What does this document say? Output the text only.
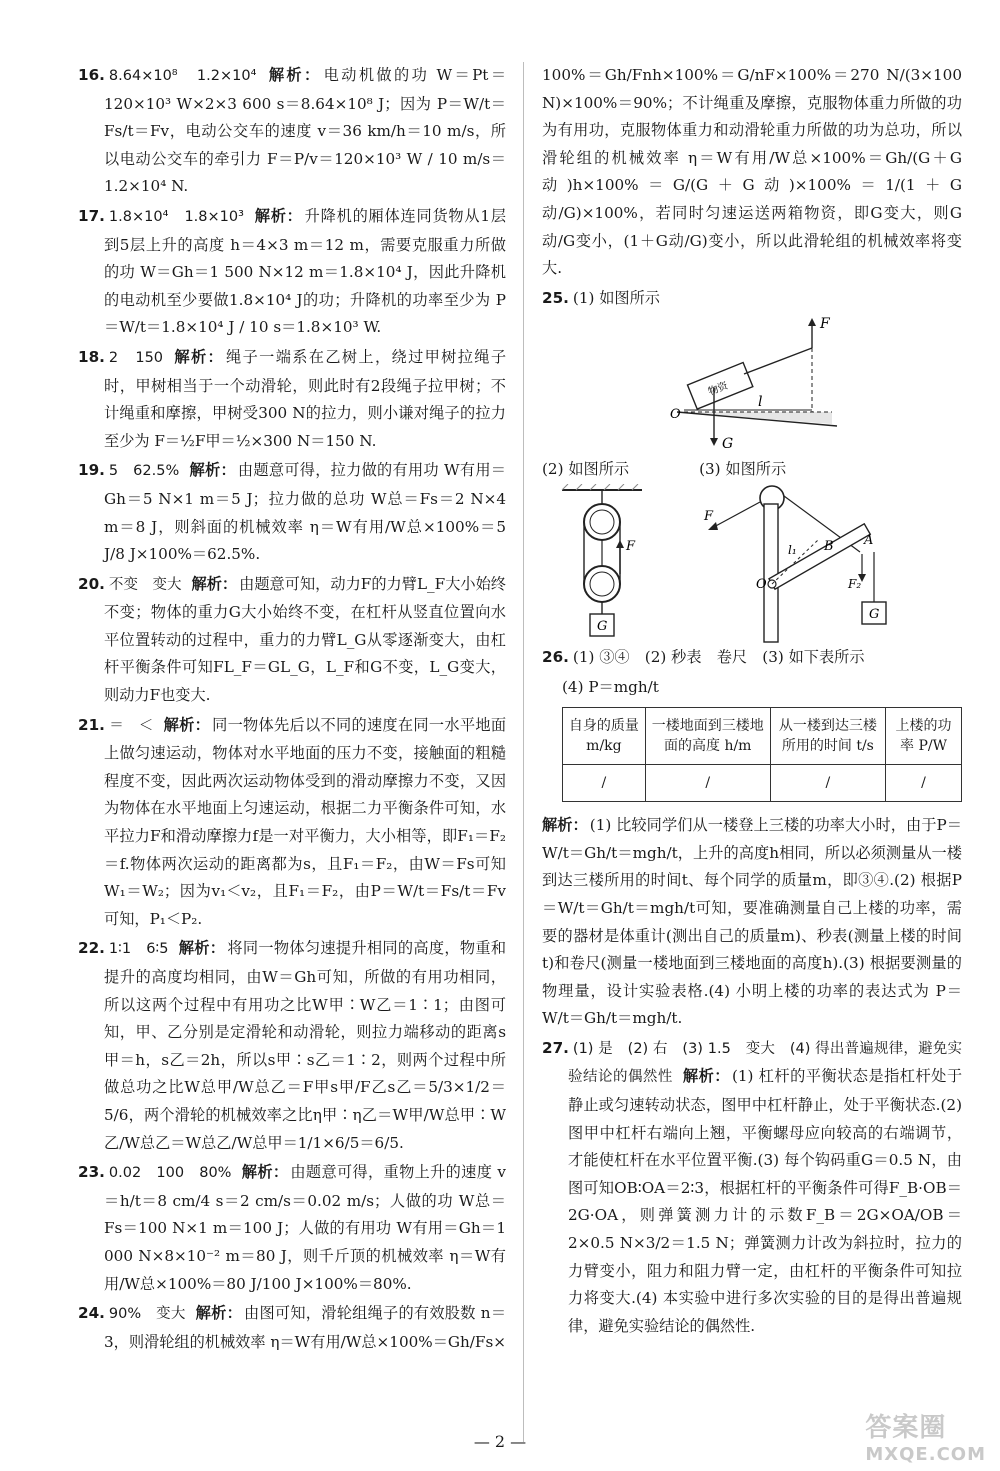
16. 8.64×10⁸　1.2×10⁴ 解析： 电动机做的功 W＝Pt＝120×10³ W×2×3 600 s＝8.64×10⁸ J；因为 P＝W/t＝Fs/t＝Fv，电动公交车的速度 v＝36 km/h＝10 m/s，所以电动公交车的牵引力 F＝P/v＝120×10³ W / 10 m/s＝1.2×10⁴ N.

17. 1.8×10⁴　1.8×10³ 解析： 升降机的厢体连同货物从1层到5层上升的高度 h＝4×3 m＝12 m，需要克服重力所做的功 W＝Gh＝1 500 N×12 m＝1.8×10⁴ J，因此升降机的电动机至少要做1.8×10⁴ J的功；升降机的功率至少为 P＝W/t＝1.8×10⁴ J / 10 s＝1.8×10³ W.

18. 2　150 解析： 绳子一端系在乙树上，绕过甲树拉绳子时，甲树相当于一个动滑轮，则此时有2段绳子拉甲树；不计绳重和摩擦，甲树受300 N的拉力，则小谦对绳子的拉力至少为 F＝½F甲＝½×300 N＝150 N.

19. 5　62.5% 解析： 由题意可得，拉力做的有用功 W有用＝Gh＝5 N×1 m＝5 J；拉力做的总功 W总＝Fs＝2 N×4 m＝8 J，则斜面的机械效率 η＝W有用/W总×100%＝5 J/8 J×100%＝62.5%.

20. 不变　变大 解析： 由题意可知，动力F的力臂L_F大小始终不变；物体的重力G大小始终不变，在杠杆从竖直位置向水平位置转动的过程中，重力的力臂L_G从零逐渐变大，由杠杆平衡条件可知FL_F＝GL_G，L_F和G不变，L_G变大，则动力F也变大.

21. ＝　＜ 解析： 同一物体先后以不同的速度在同一水平地面上做匀速运动，物体对水平地面的压力不变，接触面的粗糙程度不变，因此两次运动物体受到的滑动摩擦力不变，又因为物体在水平地面上匀速运动，根据二力平衡条件可知，水平拉力F和滑动摩擦力f是一对平衡力，大小相等，即F₁＝F₂＝f.物体两次运动的距离都为s，且F₁＝F₂，由W＝Fs可知W₁＝W₂；因为v₁＜v₂，且F₁＝F₂，由P＝W/t＝Fs/t＝Fv可知，P₁＜P₂.

22. 1∶1　6∶5 解析： 将同一物体匀速提升相同的高度，物重和提升的高度均相同，由W＝Gh可知，所做的有用功相同，所以这两个过程中有用功之比W甲∶W乙＝1∶1；由图可知，甲、乙分别是定滑轮和动滑轮，则拉力端移动的距离s甲＝h，s乙＝2h，所以s甲∶s乙＝1∶2，则两个过程中所做总功之比W总甲/W总乙＝F甲s甲/F乙s乙＝5/3×1/2＝5/6，两个滑轮的机械效率之比η甲∶η乙＝W甲/W总甲∶W乙/W总乙＝W总乙/W总甲＝1/1×6/5＝6/5.

23. 0.02　100　80% 解析： 由题意可得，重物上升的速度 v＝h/t＝8 cm/4 s＝2 cm/s＝0.02 m/s；人做的功 W总＝Fs＝100 N×1 m＝100 J；人做的有用功 W有用＝Gh＝1 000 N×8×10⁻² m＝80 J，则千斤顶的机械效率 η＝W有用/W总×100%＝80 J/100 J×100%＝80%.

24. 90%　变大 解析： 由图可知，滑轮组绳子的有效股数 n＝3，则滑轮组的机械效率 η＝W有用/W总×100%＝Gh/Fs×

100%＝Gh/Fnh×100%＝G/nF×100%＝270 N/(3×100 N)×100%＝90%；不计绳重及摩擦，克服物体重力所做的功为有用功，克服物体重力和动滑轮重力所做的功为总功，所以滑轮组的机械效率 η＝W有用/W总×100%＝Gh/(G＋G动)h×100%＝G/(G＋G动)×100%＝1/(1＋G动/G)×100%，若同时匀速运送两箱物资，即G变大，则G动/G变小，(1＋G动/G)变小，所以此滑轮组的机械效率将变大.

25. (1) 如图所示

物资
F
l
O
G
(2) 如图所示	(3) 如图所示
F
G
F
O
l₁ B A
F₂
G

26. (1) ③④　(2) 秒表　卷尺　(3) 如下表所示

(4) P＝mgh/t

自身的质量 m/kg	一楼地面到三楼地面的高度 h/m	从一楼到达三楼所用的时间 t/s	上楼的功率 P/W
/	/	/	/

解析： (1) 比较同学们从一楼登上三楼的功率大小时，由于P＝W/t＝Gh/t＝mgh/t，上升的高度h相同，所以必须测量从一楼到达三楼所用的时间t、每个同学的质量m，即③④.(2) 根据P＝W/t＝Gh/t＝mgh/t可知，要准确测量自己上楼的功率，需要的器材是体重计(测出自己的质量m)、秒表(测量上楼的时间t)和卷尺(测量一楼地面到三楼地面的高度h).(3) 根据要测量的物理量，设计实验表格.(4) 小明上楼的功率的表达式为 P＝W/t＝Gh/t＝mgh/t.

27. (1) 是　(2) 右　(3) 1.5　变大　(4) 得出普遍规律，避免实验结论的偶然性 解析： (1) 杠杆的平衡状态是指杠杆处于静止或匀速转动状态，图甲中杠杆静止，处于平衡状态.(2) 图甲中杠杆右端向上翘，平衡螺母应向较高的右端调节，才能使杠杆在水平位置平衡.(3) 每个钩码重G＝0.5 N，由图可知OB∶OA＝2∶3，根据杠杆的平衡条件可得F_B·OB＝2G·OA，则弹簧测力计的示数F_B＝2G×OA/OB＝2×0.5 N×3/2＝1.5 N；弹簧测力计改为斜拉时，拉力的力臂变小，阻力和阻力臂一定，由杠杆的平衡条件可知拉力将变大.(4) 本实验中进行多次实验的目的是得出普遍规律，避免实验结论的偶然性.

— 2 —	答案圈
MXQE.COM
